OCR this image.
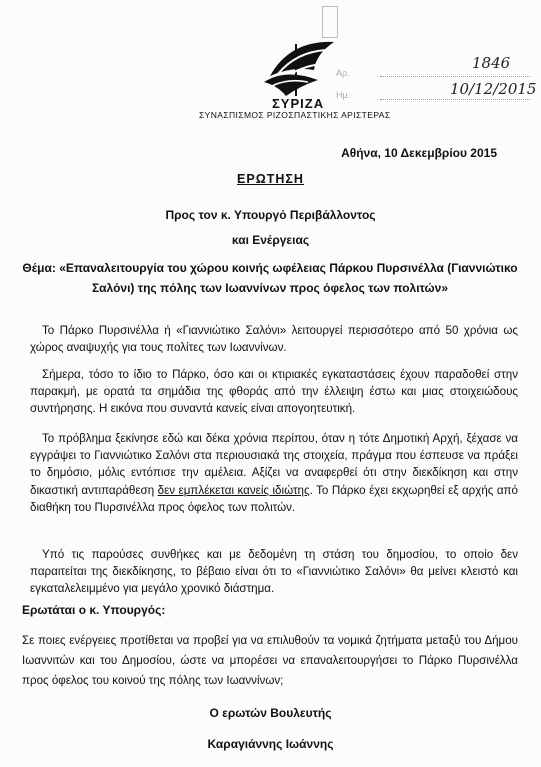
ΣΥΡΙΖΑ
ΣΥΝΑΣΠΙΣΜΟΣ ΡΙΖΟΣΠΑΣΤΙΚΗΣ ΑΡΙΣΤΕΡΑΣ
Αρ.
1846
Ημ.	10/12/2015
Αθήνα, 10 Δεκεμβρίου 2015
ΕΡΩΤΗΣΗ
Προς τον κ. Υπουργό Περιβάλλοντος
και Ενέργειας
Θέμα: «Επαναλειτουργία του χώρου κοινής ωφέλειας Πάρκου Πυρσινέλλα (Γιαννιώτικο Σαλόνι) της πόλης των Ιωαννίνων προς όφελος των πολιτών»

Το Πάρκο Πυρσινέλλα ή «Γιαννιώτικο Σαλόνι» λειτουργεί περισσότερο από 50 χρόνια ως χώρος αναψυχής για τους πολίτες των Ιωαννίνων.

Σήμερα, τόσο το ίδιο το Πάρκο, όσο και οι κτιριακές εγκαταστάσεις έχουν παραδοθεί στην παρακμή, με ορατά τα σημάδια της φθοράς από την έλλειψη έστω και μιας στοιχειώδους συντήρησης. Η εικόνα που συναντά κανείς είναι απογοητευτική.

Το πρόβλημα ξεκίνησε εδώ και δέκα χρόνια περίπου, όταν η τότε Δημοτική Αρχή, ξέχασε να εγγράψει το Γιαννιώτικο Σαλόνι στα περιουσιακά της στοιχεία, πράγμα που έσπευσε να πράξει το δημόσιο, μόλις εντόπισε την αμέλεια. Αξίζει να αναφερθεί ότι στην διεκδίκηση και στην δικαστική αντιπαράθεση δεν εμπλέκεται κανείς ιδιώτης. Το Πάρκο έχει εκχωρηθεί εξ αρχής από διαθήκη του Πυρσινέλλα προς όφελος των πολιτών.

Υπό τις παρούσες συνθήκες και με δεδομένη τη στάση του δημοσίου, το οποίο δεν παραιτείται της διεκδίκησης, το βέβαιο είναι ότι το «Γιαννιώτικο Σαλόνι» θα μείνει κλειστό και εγκαταλελειμμένο για μεγάλο χρονικό διάστημα.

Ερωτάται ο κ. Υπουργός:
Σε ποιες ενέργειες προτίθεται να προβεί για να επιλυθούν τα νομικά ζητήματα μεταξύ του Δήμου Ιωαννιτών και του Δημοσίου, ώστε να μπορέσει να επαναλειτουργήσει το Πάρκο Πυρσινέλλα προς όφελος του κοινού της πόλης των Ιωαννίνων;
Ο ερωτών Βουλευτής
Καραγιάννης Ιωάννης
